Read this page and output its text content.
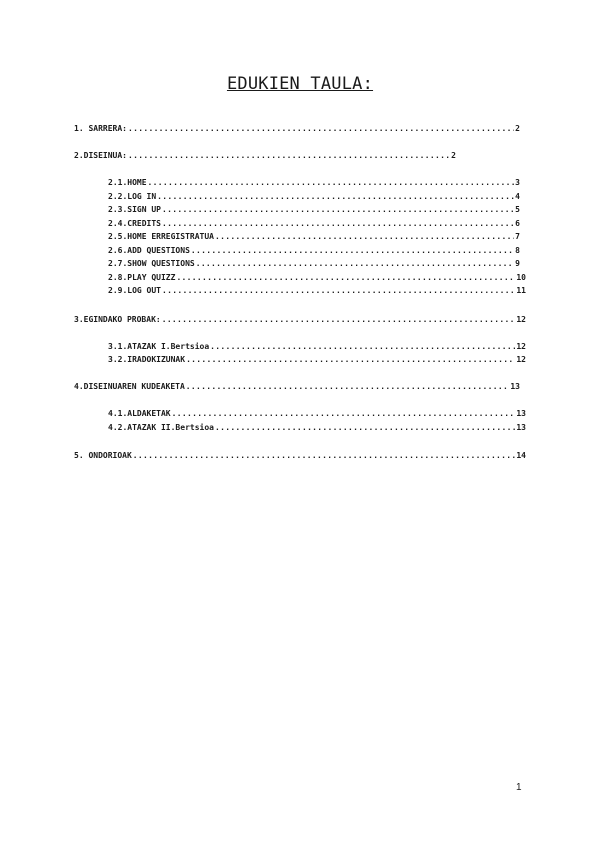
EDUKIEN TAULA:
1. SARRERA: .....	2
2.DISEINUA: .....	2
2.1.HOME .....	3
2.2.LOG IN .....	4
2.3.SIGN UP .....	5
2.4.CREDITS .....	6
2.5.HOME ERREGISTRATUA .....	7
2.6.ADD QUESTIONS .....	8
2.7.SHOW QUESTIONS .....	9
2.8.PLAY QUIZZ .....	10
2.9.LOG OUT .....	11
3.EGINDAKO PROBAK: .....	12
3.1.ATAZAK I.Bertsioa .....	12
3.2.IRADOKIZUNAK .....	12
4.DISEINUAREN KUDEAKETA .....	13
4.1.ALDAKETAK .....	13
4.2.ATAZAK II.Bertsioa .....	13
5. ONDORIOAK .....	14
1
